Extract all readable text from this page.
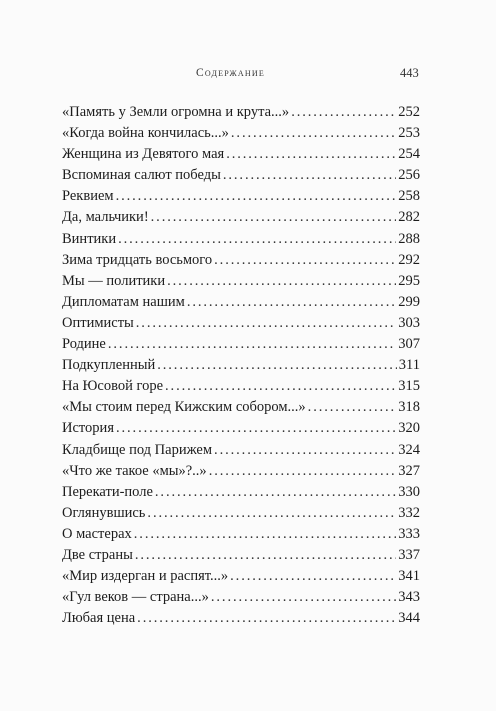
Содержание	443
«Память у Земли огромна и крута...» .....	252
«Когда война кончилась...» .....	253
Женщина из Девятого мая .....	254
Вспоминая салют победы .....	256
Реквием .....	258
Да, мальчики! .....	282
Винтики .....	288
Зима тридцать восьмого .....	292
Мы — политики .....	295
Дипломатам нашим .....	299
Оптимисты .....	303
Родине .....	307
Подкупленный .....	311
На Юсовой горе .....	315
«Мы стоим перед Кижским собором...» .....	318
История .....	320
Кладбище под Парижем .....	324
«Что же такое «мы»?..» .....	327
Перекати-поле .....	330
Оглянувшись .....	332
О мастерах .....	333
Две страны .....	337
«Мир издерган и распят...» .....	341
«Гул веков — страна...» .....	343
Любая цена .....	344
